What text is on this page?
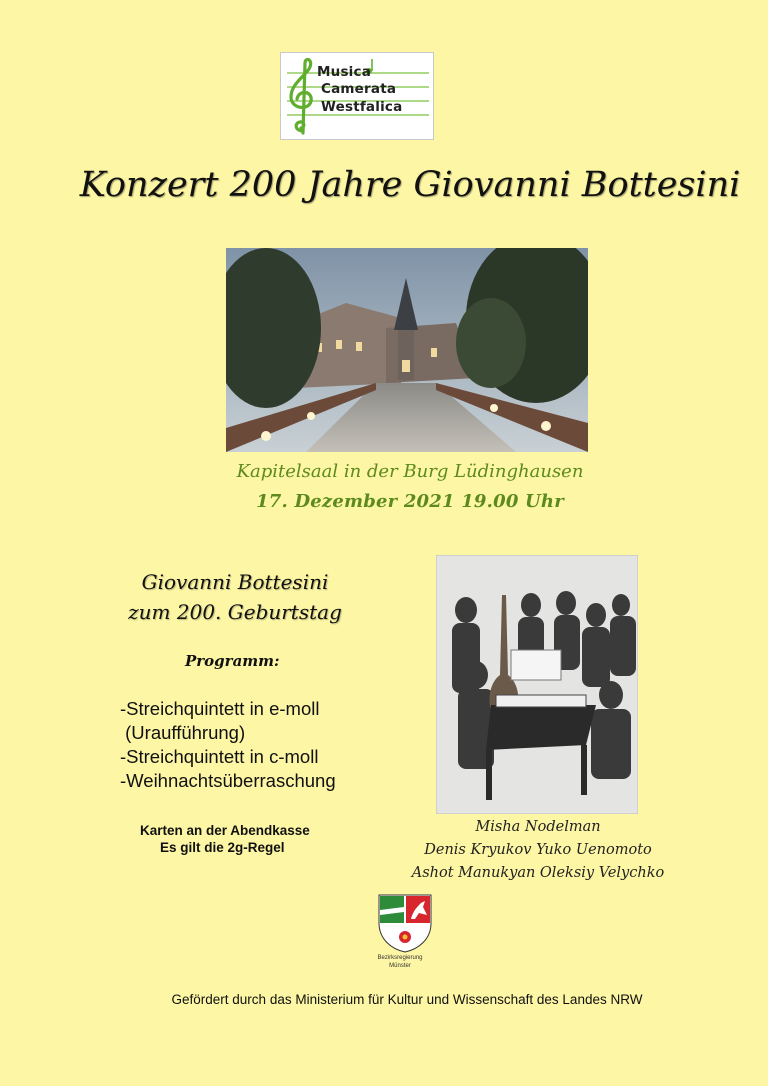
Musica
Camerata
Westfalica
Konzert 200 Jahre Giovanni Bottesini
Kapitelsaal in der Burg Lüdinghausen
17. Dezember 2021 19.00 Uhr
Giovanni Bottesini
zum 200. Geburtstag
Programm:
-Streichquintett in e-moll
(Uraufführung)
-Streichquintett in c-moll
-Weihnachtsüberraschung
Karten an der Abendkasse
Es gilt die 2g-Regel
Misha Nodelman
Denis Kryukov Yuko Uenomoto
Ashot Manukyan Oleksiy Velychko
Bezirksregierung
Münster
Gefördert durch das Ministerium für Kultur und Wissenschaft des Landes NRW
